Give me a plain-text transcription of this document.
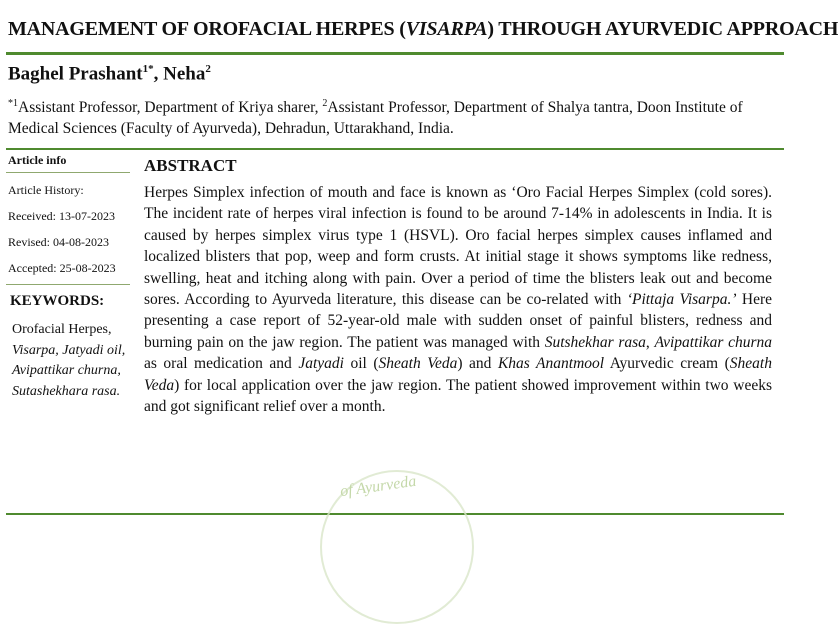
MANAGEMENT OF OROFACIAL HERPES (VISARPA) THROUGH AYURVEDIC APPROACH
Baghel Prashant$^{1*}$, Neha$^2$
$^{*1}$Assistant Professor, Department of Kriya sharer, $^2$Assistant Professor, Department of Shalya tantra, Doon Institute of Medical Sciences (Faculty of Ayurveda), Dehradun, Uttarakhand, India.
Article info
Article History:
Received: 13-07-2023
Revised: 04-08-2023
Accepted: 25-08-2023
KEYWORDS:
Orofacial Herpes,
Visarpa, Jatyadi oil,
Avipattikar churna,
Sutashekhara rasa.
ABSTRACT
Herpes Simplex infection of mouth and face is known as ‘Oro Facial Herpes Simplex (cold sores). The incident rate of herpes viral infection is found to be around 7-14% in adolescents in India. It is caused by herpes simplex virus type 1 (HSVL). Oro facial herpes simplex causes inflamed and localized blisters that pop, weep and form crusts. At initial stage it shows symptoms like redness, swelling, heat and itching along with pain. Over a period of time the blisters leak out and become sores. According to Ayurveda literature, this disease can be co-related with ‘Pittaja Visarpa.’ Here presenting a case report of 52-year-old male with sudden onset of painful blisters, redness and burning pain on the jaw region. The patient was managed with Sutshekhar rasa, Avipattikar churna as oral medication and Jatyadi oil (Sheath Veda) and Khas Anantmool Ayurvedic cream (Sheath Veda) for local application over the jaw region. The patient showed improvement within two weeks and got significant relief over a month.
of Ayurveda
